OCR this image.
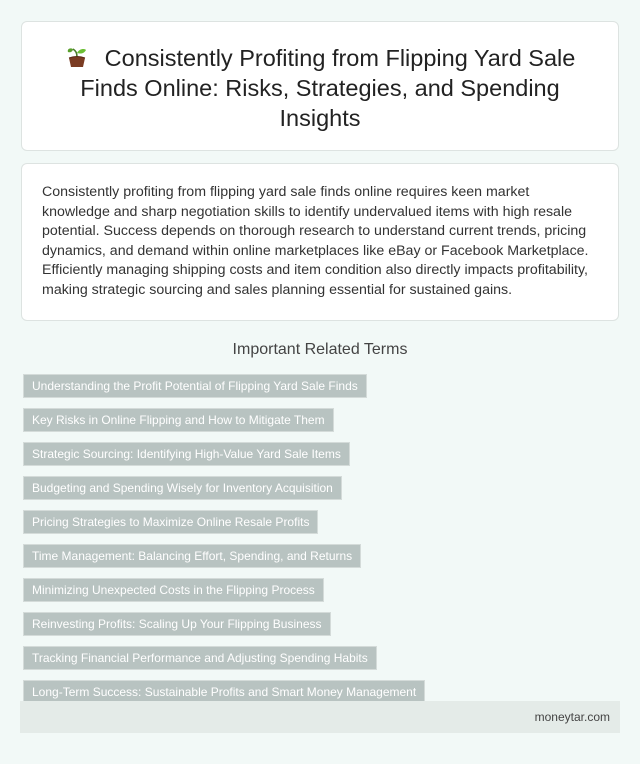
Consistently Profiting from Flipping Yard Sale Finds Online: Risks, Strategies, and Spending Insights

Consistently profiting from flipping yard sale finds online requires keen market knowledge and sharp negotiation skills to identify undervalued items with high resale potential. Success depends on thorough research to understand current trends, pricing dynamics, and demand within online marketplaces like eBay or Facebook Marketplace. Efficiently managing shipping costs and item condition also directly impacts profitability, making strategic sourcing and sales planning essential for sustained gains.

Important Related Terms
Understanding the Profit Potential of Flipping Yard Sale Finds
Key Risks in Online Flipping and How to Mitigate Them
Strategic Sourcing: Identifying High-Value Yard Sale Items
Budgeting and Spending Wisely for Inventory Acquisition
Pricing Strategies to Maximize Online Resale Profits
Time Management: Balancing Effort, Spending, and Returns
Minimizing Unexpected Costs in the Flipping Process
Reinvesting Profits: Scaling Up Your Flipping Business
Tracking Financial Performance and Adjusting Spending Habits
Long-Term Success: Sustainable Profits and Smart Money Management
moneytar.com
